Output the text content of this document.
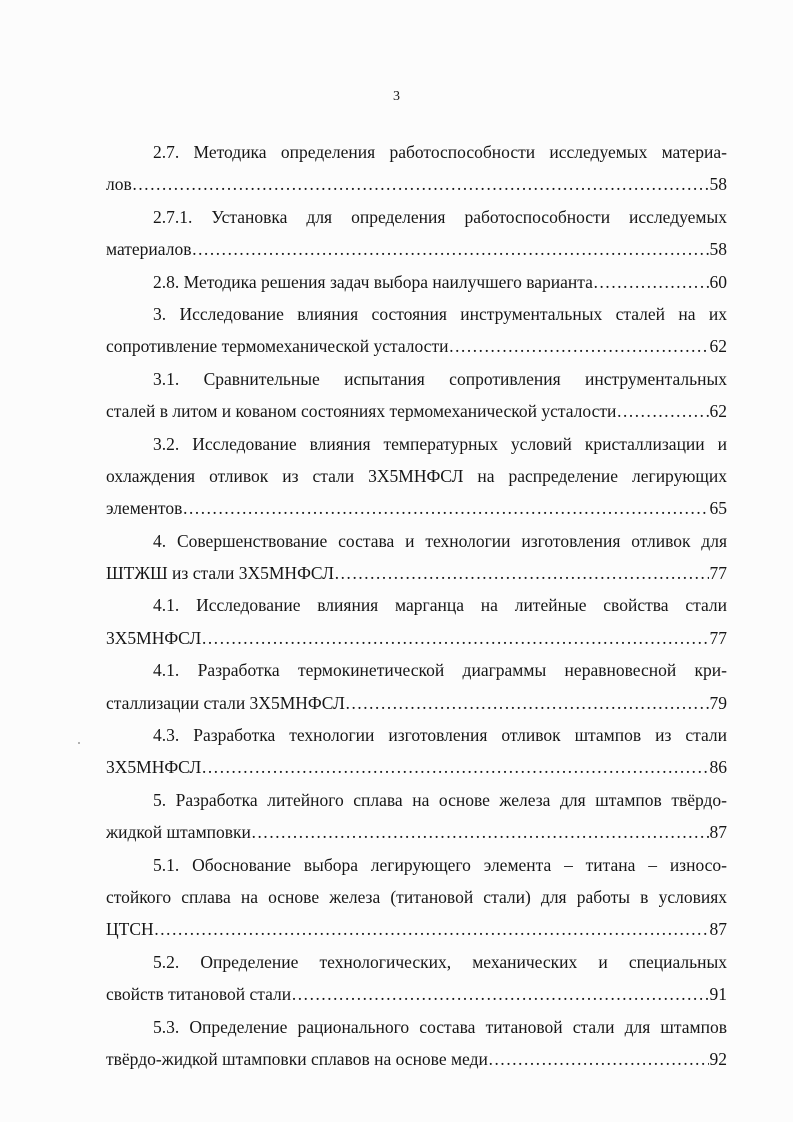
3
2.7. Методика определения работоспособности исследуемых материа-
лов …………………………………………………………………………………………………………………………………………………………………	58
2.7.1. Установка для определения работоспособности исследуемых
материалов …………………………………………………………………………………………………………………………………………………………………	58
2.8. Методика решения задач выбора наилучшего варианта …………………………………………………………………………………………………………………………………………………………………	60
3. Исследование влияния состояния инструментальных сталей на их
сопротивление термомеханической усталости …………………………………………………………………………………………………………………………………………………………………	62
3.1. Сравнительные испытания сопротивления инструментальных
сталей в литом и кованом состояниях термомеханической усталости …………………………………………………………………………………………………………………………………………………………………	62
3.2. Исследование влияния температурных условий кристаллизации и
охлаждения отливок из стали 3Х5МНФСЛ на распределение легирующих
элементов …………………………………………………………………………………………………………………………………………………………………	65
4. Совершенствование состава и технологии изготовления отливок для
ШТЖШ из стали 3Х5МНФСЛ …………………………………………………………………………………………………………………………………………………………………	77
4.1. Исследование влияния марганца на литейные свойства стали
3Х5МНФСЛ …………………………………………………………………………………………………………………………………………………………………	77
4.1. Разработка термокинетической диаграммы неравновесной кри-
сталлизации стали 3Х5МНФСЛ …………………………………………………………………………………………………………………………………………………………………	79
4.3. Разработка технологии изготовления отливок штампов из стали
3Х5МНФСЛ …………………………………………………………………………………………………………………………………………………………………	86
5. Разработка литейного сплава на основе железа для штампов твёрдо-
жидкой штамповки …………………………………………………………………………………………………………………………………………………………………	87
5.1. Обоснование выбора легирующего элемента – титана – износо-
стойкого сплава на основе железа (титановой стали) для работы в условиях
ЦТСН …………………………………………………………………………………………………………………………………………………………………	87
5.2. Определение технологических, механических и специальных
свойств титановой стали …………………………………………………………………………………………………………………………………………………………………	91
5.3. Определение рационального состава титановой стали для штампов
твёрдо-жидкой штамповки сплавов на основе меди …………………………………………………………………………………………………………………………………………………………………	92
